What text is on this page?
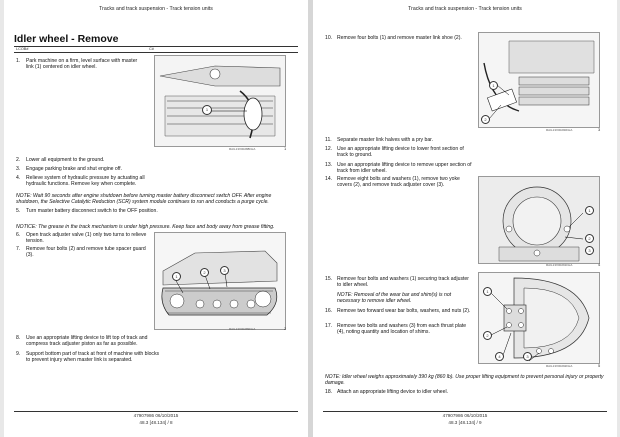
Tracks and track suspension - Track tension units
Idler wheel - Remove
LCOB#	C#
1. Park machine on a firm, level surface with master link (1) centered on idler wheel.
1
RAIL13X00288FHA	1
2. Lower all equipment to the ground.
3. Engage parking brake and shut engine off.
4. Relieve system of hydraulic pressure by actuating all hydraulic functions. Remove key when complete.
NOTE: Wait 90 seconds after engine shutdown before turning master battery disconnect switch OFF. After engine shutdown, the Selective Catalytic Reduction (SCR) system module continues to run and conducts a purge cycle.
5. Turn master battery disconnect switch to the OFF position.
NOTICE: The grease in the track mechanism is under high pressure. Keep face and body away from grease fitting.
6. Open track adjuster valve (1) only two turns to relieve tension.
7. Remove four bolts (2) and remove tube spacer guard (3).
1
2	3
RAIL13X00289FHA	2
8. Use an appropriate lifting device to lift top of track and compress track adjuster piston as far as possible.
9. Support bottom part of track at front of machine with blocks to prevent injury when master link is separated.
47907986 06/10/2015
48.3 [48.134] / 8
Tracks and track suspension - Track tension units
10. Remove four bolts (1) and remove master link shoe (2).
1
2
RAIL13X00290FHA	3
11. Separate master link halves with a pry bar.
12. Use an appropriate lifting device to lower front section of track to ground.
13. Use an appropriate lifting device to remove upper section of track from idler wheel.
14. Remove eight bolts and washers (1), remove two yoke covers (2), and remove track adjuster cover (3).
1
2
3
RAIL13X00291FHA	4
15. Remove four bolts and washers (1) securing track adjuster to idler wheel.
NOTE: Removal of the wear bar and shim(s) is not necessary to remove idler wheel.
16. Remove two forward wear bar bolts, washers, and nuts (2).
17. Remove two bolts and washers (3) from each thrust plate (4), noting quantity and location of shims.
1
2
3
4
RAIL13X00292FHA	5
NOTE: Idler wheel weighs approximately 390 kg (860 lb). Use proper lifting equipment to prevent personal injury or property damage.
18. Attach an appropriate lifting device to idler wheel.
47907986 06/10/2015
48.3 [48.134] / 9
